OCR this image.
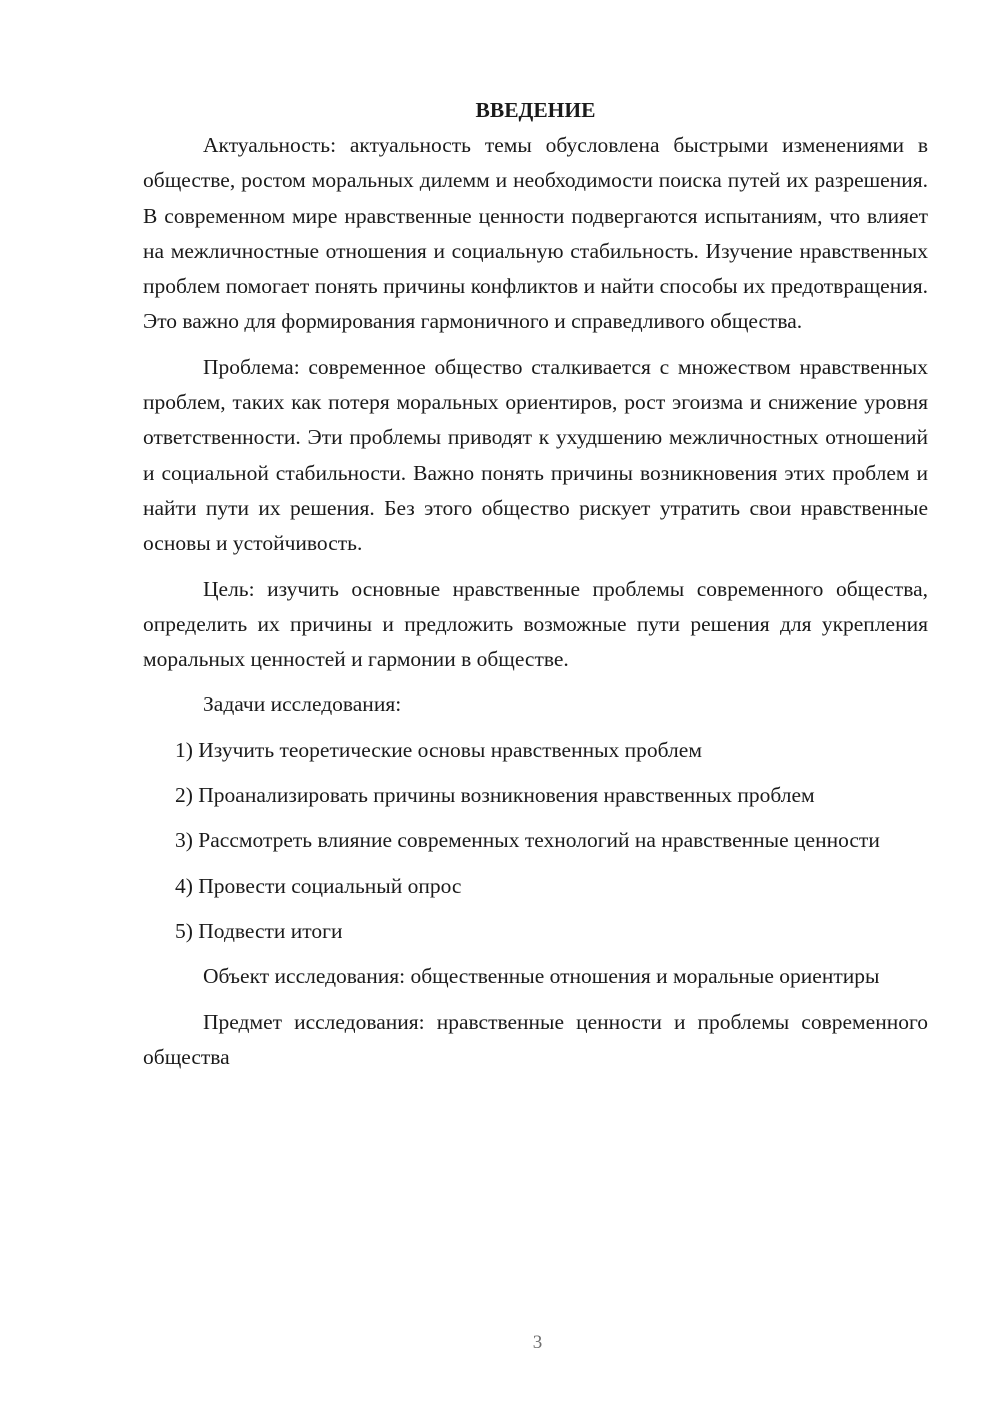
ВВЕДЕНИЕ

Актуальность: актуальность темы обусловлена быстрыми изменениями в обществе, ростом моральных дилемм и необходимости поиска путей их разрешения. В современном мире нравственные ценности подвергаются испытаниям, что влияет на межличностные отношения и социальную стабильность. Изучение нравственных проблем помогает понять причины конфликтов и найти способы их предотвращения. Это важно для формирования гармоничного и справедливого общества.

Проблема: современное общество сталкивается с множеством нравственных проблем, таких как потеря моральных ориентиров, рост эгоизма и снижение уровня ответственности. Эти проблемы приводят к ухудшению межличностных отношений и социальной стабильности. Важно понять причины возникновения этих проблем и найти пути их решения. Без этого общество рискует утратить свои нравственные основы и устойчивость.

Цель: изучить основные нравственные проблемы современного общества, определить их причины и предложить возможные пути решения для укрепления моральных ценностей и гармонии в обществе.

Задачи исследования:

1) Изучить теоретические основы нравственных проблем

2) Проанализировать причины возникновения нравственных проблем

3) Рассмотреть влияние современных технологий на нравственные ценности

4) Провести социальный опрос

5) Подвести итоги

Объект исследования: общественные отношения и моральные ориентиры

Предмет исследования: нравственные ценности и проблемы современного общества

3
